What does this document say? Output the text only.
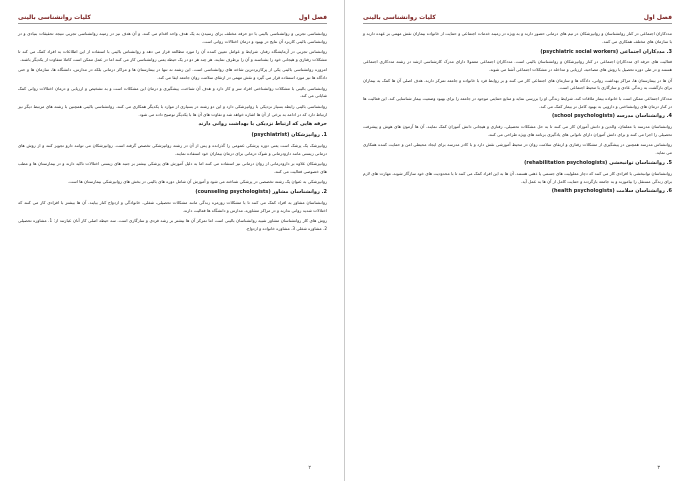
فصل اول
کلیات روانشناسی بالینی

روانشناسی تجربی و روانشناسی بالینی با دو حرفه مختلف برای رسیدن به یک هدف واحد اقدام می کنند. و آن هدف نیز در زمینه روانشناسی تجربی نتیجه تحقیقات بنیادی و در روانشناسی بالینی کاربرد آن نتایج در بهبود و درمان اختلالات روانی است.

روانشناس تجربی در آزمایشگاه رفتار، شرایط و عوامل تعیین کننده آن را مورد مطالعه قرار می دهد و روانشناس بالینی با استفاده از این اطلاعات به افراد کمک می کند تا مشکلات رفتاری و هیجانی خود را بشناسند و آن را برطرف نمایند. هر چند هر دو در یک حیطه یعنی روانشناسی کار می کنند اما در عمل ممکن است کاملا متفاوت از یکدیگر باشند.

امروزه روانشناسی بالینی یکی از پرکاربردترین شاخه های روانشناسی است. این رشته نه تنها در بیمارستان ها و مراکز درمانی بلکه در مدارس، دانشگاه ها، سازمان ها و حتی دادگاه ها نیز مورد استفاده قرار می گیرد و نقش مهمی در ارتقای سلامت روان جامعه ایفا می کند.

روانشناسی بالینی با مشکلات روانشناختی افراد سر و کار دارد و هدف آن شناخت، پیشگیری و درمان این مشکلات است و به تشخیص و ارزیابی و درمان اختلالات روانی کمک شایانی می کند.

روانشناسی بالینی رابطه بسیار نزدیکی با روانپزشکی دارد و این دو رشته در بسیاری از موارد با یکدیگر همکاری می کنند. روانشناسی بالینی همچنین با رشته های مرتبط دیگر نیز ارتباط دارد که در ادامه به برخی از آن ها اشاره خواهد شد و تفاوت های آن ها با یکدیگر توضیح داده می شود.

حرفه هایی که ارتباط نزدیکی با بهداشت روانی دارند
1. روانپزشکان (psychiatrist)

روانپزشک یک پزشک است یعنی دوره پزشکی عمومی را گذرانده و پس از آن در رشته روانپزشکی تخصص گرفته است. روانپزشکان می توانند دارو تجویز کنند و از روش های درمانی زیستی مانند دارودرمانی و شوک درمانی برای درمان بیماران خود استفاده نمایند.

روانپزشکان علاوه بر دارودرمانی از روان درمانی نیز استفاده می کنند اما به دلیل آموزش های پزشکی بیشتر بر جنبه های زیستی اختلالات تاکید دارند و در بیمارستان ها و مطب های خصوصی فعالیت می کنند.

روانپزشکی به عنوان یک رشته تخصصی در پزشکی شناخته می شود و آموزش آن شامل دوره های بالینی در بخش های روانپزشکی بیمارستان ها است.

2. روانشناسان مشاور (counseling psychologists)

روانشناسان مشاور به افراد کمک می کنند تا با مشکلات روزمره زندگی مانند مشکلات تحصیلی، شغلی، خانوادگی و ازدواج کنار بیایند. آن ها بیشتر با افرادی کار می کنند که اختلالات شدید روانی ندارند و در مراکز مشاوره، مدارس و دانشگاه ها فعالیت دارند.

روش های کار روانشناسان مشاور شبیه روانشناسان بالینی است اما تمرکز آن ها بیشتر بر رشد فردی و سازگاری است. سه حیطه اصلی کار آنان عبارتند از: 1. مشاوره تحصیلی 2. مشاوره شغلی 3. مشاوره خانواده و ازدواج.

۲
فصل اول
کلیات روانشناسی بالینی

مددکاران اجتماعی در کنار روانشناسان و روانپزشکان در تیم های درمانی حضور دارند و به ویژه در زمینه خدمات اجتماعی و حمایت از خانواده بیماران نقش مهمی بر عهده دارند و با سازمان های مختلف همکاری می کنند.

3. مددکاران اجتماعی (psychiatric social workers)

فعالیت های حرفه ای مددکاران اجتماعی در کنار روانپزشکان و روانشناسان بالینی است. مددکاران اجتماعی معمولا دارای مدرک کارشناسی ارشد در رشته مددکاری اجتماعی هستند و در طی دوره تحصیل با روش های مصاحبه، ارزیابی و مداخله در مشکلات اجتماعی آشنا می شوند.

آن ها در بیمارستان ها، مراکز بهداشت روانی، دادگاه ها و سازمان های اجتماعی کار می کنند و بر روابط فرد با خانواده و جامعه تمرکز دارند. هدف اصلی آن ها کمک به بیماران برای بازگشت به زندگی عادی و سازگاری با محیط اجتماعی است.

مددکار اجتماعی ممکن است با خانواده بیمار ملاقات کند، شرایط زندگی او را بررسی نماید و منابع حمایتی موجود در جامعه را برای بهبود وضعیت بیمار شناسایی کند. این فعالیت ها در کنار درمان های روانشناختی و دارویی به بهبود کامل تر بیمار کمک می کند.

4. روانشناسان مدرسه (school psychologists)

روانشناسان مدرسه با معلمان، والدین و دانش آموزان کار می کنند تا به حل مشکلات تحصیلی، رفتاری و هیجانی دانش آموزان کمک نمایند. آن ها آزمون های هوش و پیشرفت تحصیلی را اجرا می کنند و برای دانش آموزان دارای ناتوانی های یادگیری برنامه های ویژه طراحی می کنند.

روانشناس مدرسه همچنین در پیشگیری از مشکلات رفتاری و ارتقای سلامت روان در محیط آموزشی نقش دارد و با کادر مدرسه برای ایجاد محیطی امن و حمایت کننده همکاری می نماید.

5. روانشناسان توانبخشی (rehabilitation psychologists)

روانشناسان توانبخشی با افرادی کار می کنند که دچار معلولیت های جسمی یا ذهنی هستند. آن ها به این افراد کمک می کنند تا با محدودیت های خود سازگار شوند، مهارت های لازم برای زندگی مستقل را بیاموزند و به جامعه بازگردند و حمایت کامل از آن ها به عمل آید.

6. روانشناسان سلامت (health psychologists)
۳
